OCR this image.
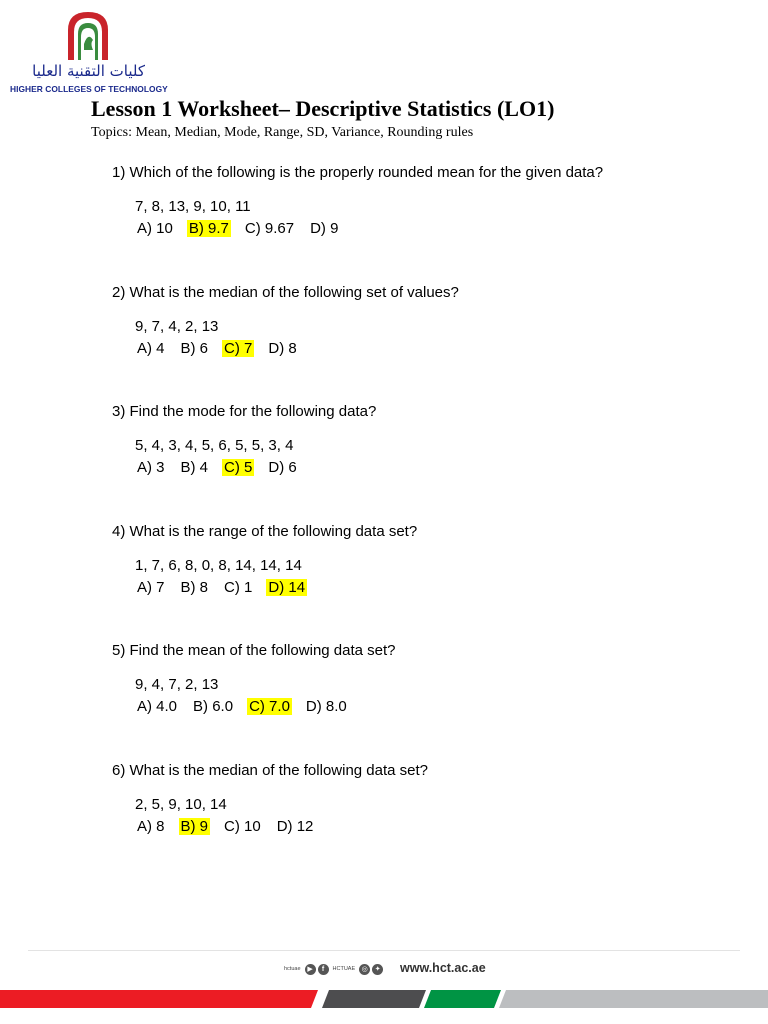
كليات التقنية العليا
HIGHER COLLEGES OF TECHNOLOGY
Lesson 1 Worksheet– Descriptive Statistics (LO1)
Topics: Mean, Median, Mode, Range, SD, Variance, Rounding rules
1) Which of the following is the properly rounded mean for the given data?
7, 8, 13, 9, 10, 11
A) 10 B) 9.7 C) 9.67 D) 9
2) What is the median of the following set of values?
9, 7, 4, 2, 13
A) 4 B) 6 C) 7 D) 8
3) Find the mode for the following data?
5, 4, 3, 4, 5, 6, 5, 5, 3, 4
A) 3 B) 4 C) 5 D) 6
4) What is the range of the following data set?
1, 7, 6, 8, 0, 8, 14, 14, 14
A) 7 B) 8 C) 1 D) 14
5) Find the mean of the following data set?
9, 4, 7, 2, 13
A) 4.0 B) 6.0 C) 7.0 D) 8.0
6) What is the median of the following data set?
2, 5, 9, 10, 14
A) 8 B) 9 C) 10 D) 12
hctuae ▶	f	HCTUAE ◎	✦ www.hct.ac.ae
